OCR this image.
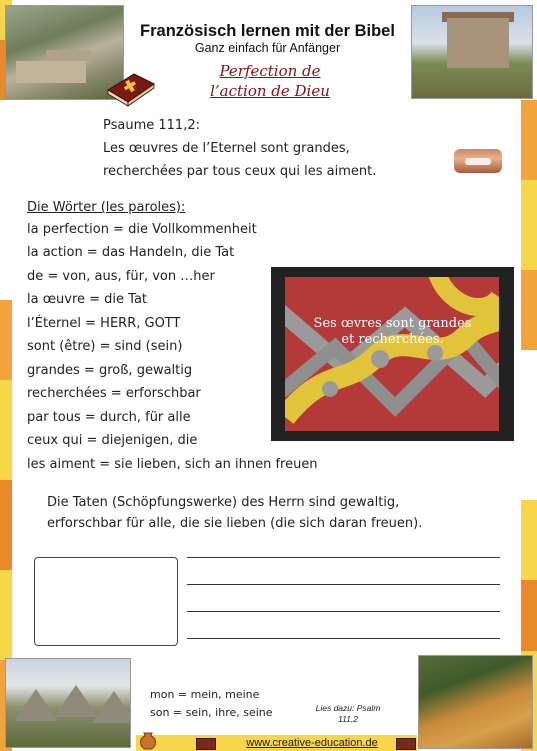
Französisch lernen mit der Bibel
Ganz einfach für Anfänger
Perfection de
l’action de Dieu
Psaume 111,2:
Les œuvres de l’Eternel sont grandes,
recherchées par tous ceux qui les aiment.
Die Wörter (les paroles):
la perfection = die Vollkommenheit
la action = das Handeln, die Tat
de = von, aus, für, von …her
la œuvre = die Tat
l’Éternel = HERR, GOTT
sont (être) = sind (sein)
grandes = groß, gewaltig
recherchées = erforschbar
par tous = durch, für alle
ceux qui = diejenigen, die
les aiment = sie lieben, sich an ihnen freuen
Ses œvres sont grandes
et recherchées.
Die Taten (Schöpfungswerke) des Herrn sind gewaltig,
erforschbar für alle, die sie lieben (die sich daran freuen).
mon = mein, meine
son = sein, ihre, seine	Lies dazu: Psalm
111,2
www.creative-education.de
